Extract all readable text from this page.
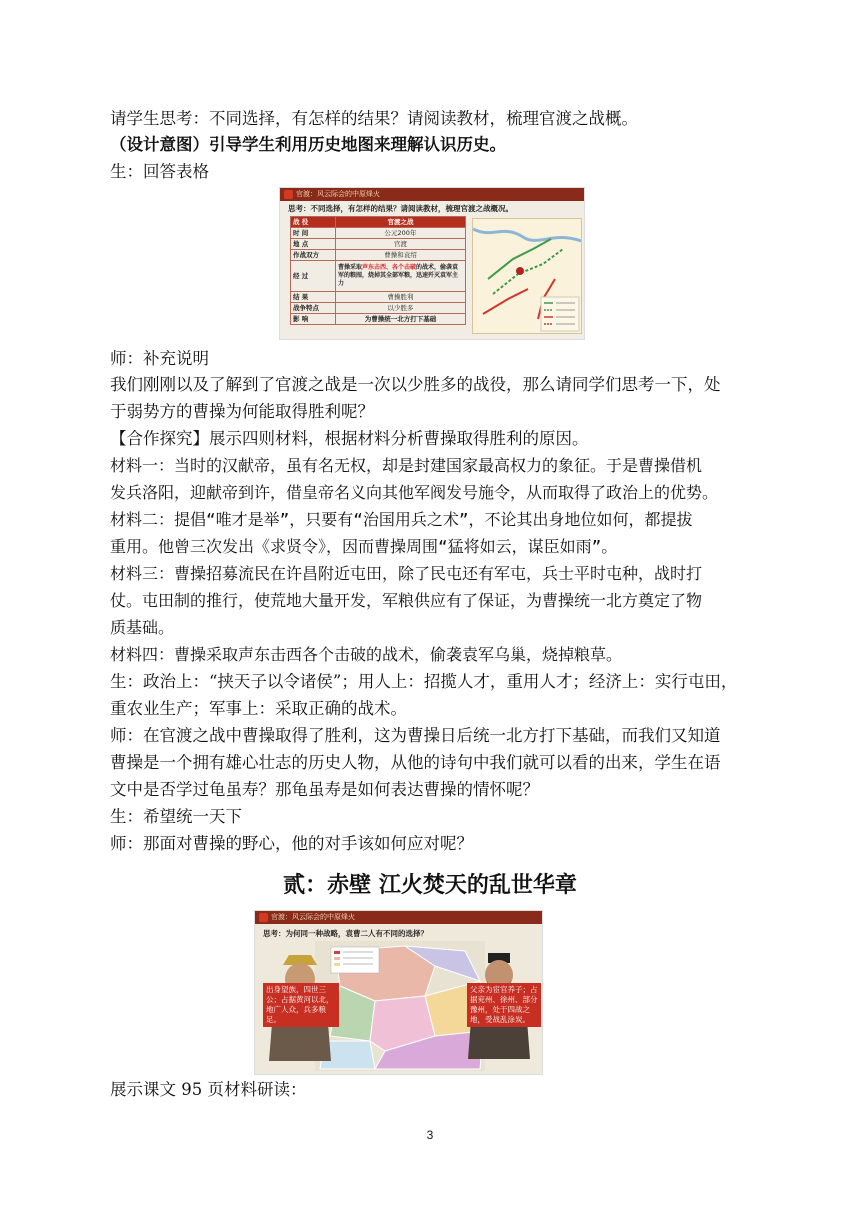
请学生思考：不同选择，有怎样的结果？请阅读教材，梳理官渡之战概。
（设计意图）引导学生利用历史地图来理解认识历史。
生：回答表格
官渡：风云际会的中原烽火
思考：不同选择，有怎样的结果？请阅读教材，梳理官渡之战概况。
战 役	官渡之战
时 间	公元200年
地 点	官渡
作战双方	曹操和袁绍
经 过	曹操采取声东击西、各个击破的战术，偷袭袁军的粮囤，烧掉其全部军粮，迅速歼灭袁军主力
结 果	曹操胜利
战争特点	以少胜多
影 响	为曹操统一北方打下基础
师：补充说明
我们刚刚以及了解到了官渡之战是一次以少胜多的战役，那么请同学们思考一下，处
于弱势方的曹操为何能取得胜利呢？
【合作探究】展示四则材料，根据材料分析曹操取得胜利的原因。
材料一：当时的汉献帝，虽有名无权，却是封建国家最高权力的象征。于是曹操借机
发兵洛阳，迎献帝到许，借皇帝名义向其他军阀发号施令，从而取得了政治上的优势。
材料二：提倡“唯才是举”，只要有“治国用兵之术”，不论其出身地位如何，都提拔
重用。他曾三次发出《求贤令》，因而曹操周围“猛将如云，谋臣如雨”。
材料三：曹操招募流民在许昌附近屯田，除了民屯还有军屯，兵士平时屯种，战时打
仗。屯田制的推行，使荒地大量开发，军粮供应有了保证，为曹操统一北方奠定了物
质基础。
材料四：曹操采取声东击西各个击破的战术，偷袭袁军乌巢，烧掉粮草。
生：政治上：“挟天子以令诸侯”；用人上：招揽人才，重用人才；经济上：实行屯田，
重农业生产；军事上：采取正确的战术。
师：在官渡之战中曹操取得了胜利，这为曹操日后统一北方打下基础，而我们又知道
曹操是一个拥有雄心壮志的历史人物，从他的诗句中我们就可以看的出来，学生在语
文中是否学过龟虽寿？那龟虽寿是如何表达曹操的情怀呢？
生：希望统一天下
师：那面对曹操的野心，他的对手该如何应对呢？
贰：赤壁 江火焚天的乱世华章
官渡：风云际会的中原烽火
思考：为何同一种战略，袁曹二人有不同的选择？
出身望族，四世三公；占据黄河以北，地广人众，兵多粮足。
父亲为宦官养子；占据兖州、徐州、部分豫州，处于四战之地，受战乱涂炭。
展示课文 95 页材料研读：
3
